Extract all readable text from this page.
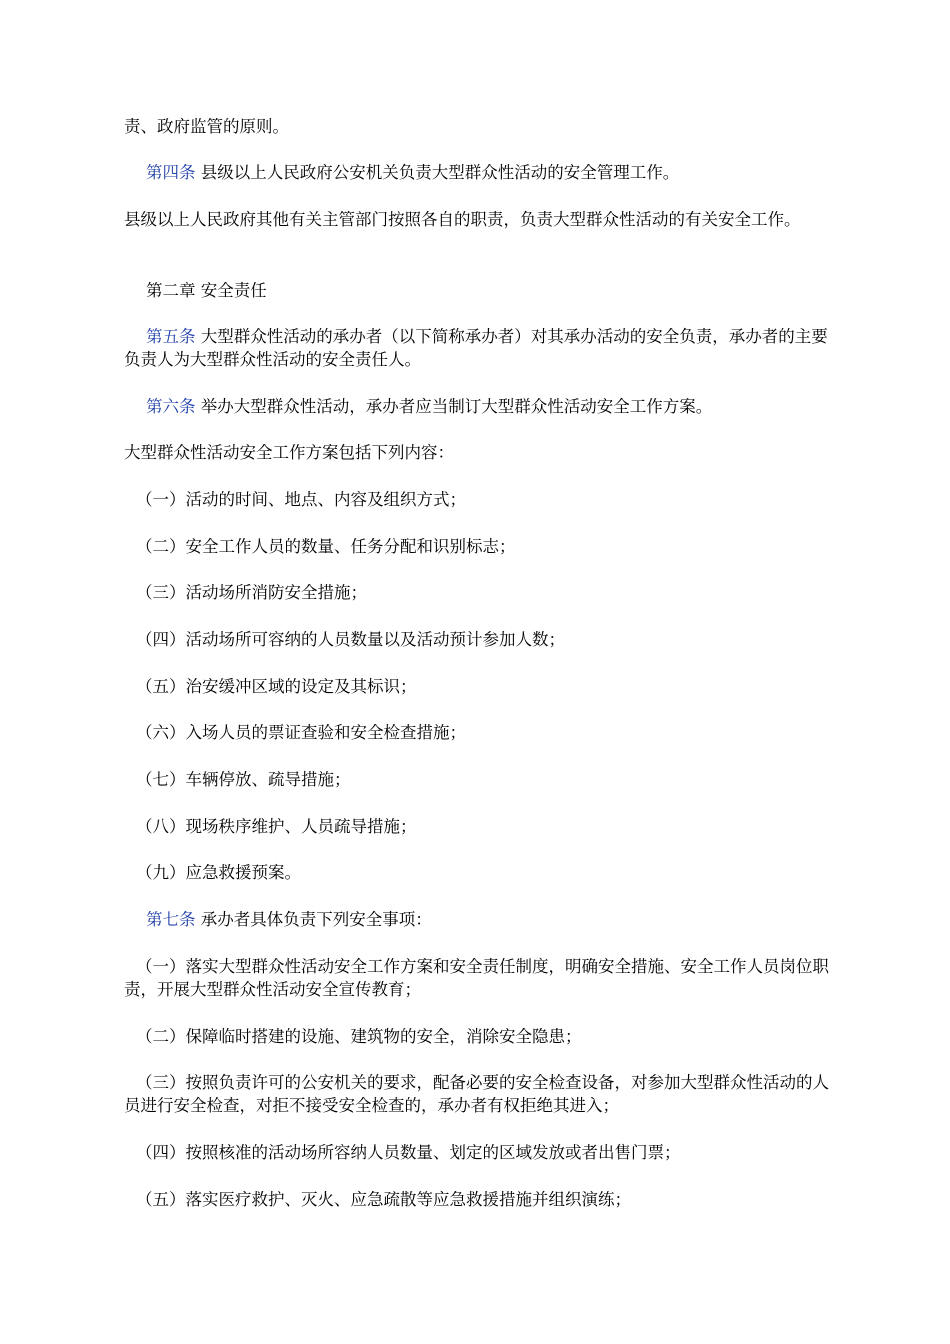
责、政府监管的原则。

第四条 县级以上人民政府公安机关负责大型群众性活动的安全管理工作。

县级以上人民政府其他有关主管部门按照各自的职责，负责大型群众性活动的有关安全工作。

第二章 安全责任

第五条 大型群众性活动的承办者（以下简称承办者）对其承办活动的安全负责，承办者的主要负责人为大型群众性活动的安全责任人。

第六条 举办大型群众性活动，承办者应当制订大型群众性活动安全工作方案。

大型群众性活动安全工作方案包括下列内容：

（一）活动的时间、地点、内容及组织方式；

（二）安全工作人员的数量、任务分配和识别标志；

（三）活动场所消防安全措施；

（四）活动场所可容纳的人员数量以及活动预计参加人数；

（五）治安缓冲区域的设定及其标识；

（六）入场人员的票证查验和安全检查措施；

（七）车辆停放、疏导措施；

（八）现场秩序维护、人员疏导措施；

（九）应急救援预案。

第七条 承办者具体负责下列安全事项：

（一）落实大型群众性活动安全工作方案和安全责任制度，明确安全措施、安全工作人员岗位职责，开展大型群众性活动安全宣传教育；

（二）保障临时搭建的设施、建筑物的安全，消除安全隐患；

（三）按照负责许可的公安机关的要求，配备必要的安全检查设备，对参加大型群众性活动的人员进行安全检查，对拒不接受安全检查的，承办者有权拒绝其进入；

（四）按照核准的活动场所容纳人员数量、划定的区域发放或者出售门票；

（五）落实医疗救护、灭火、应急疏散等应急救援措施并组织演练；
